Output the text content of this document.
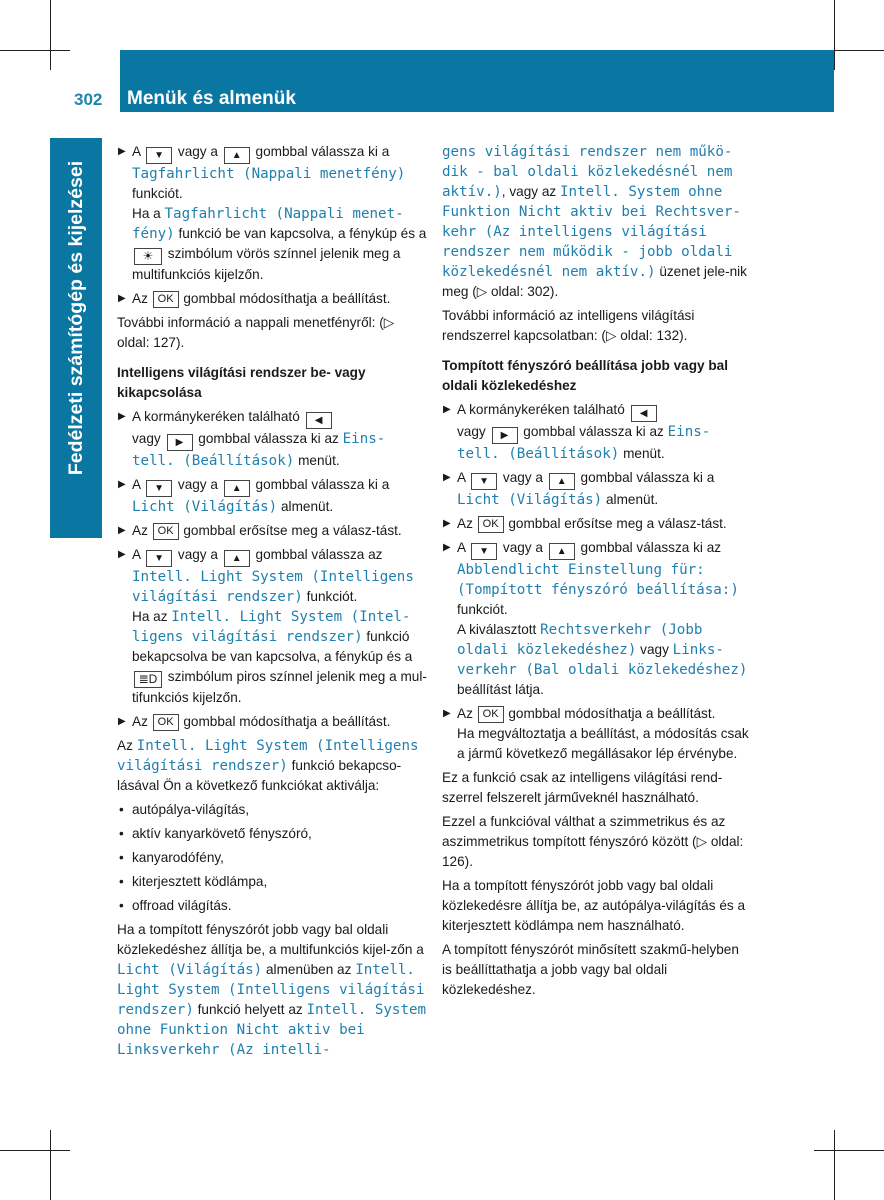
302	Menük és almenük
Fedélzeti számítógép és kijelzései
▶ A ▼ vagy a ▲ gombbal válassza ki a Tagfahrlicht (Nappali menetfény) funkciót.
Ha a Tagfahrlicht (Nappali menet-fény) funkció be van kapcsolva, a fénykúp és a ☀ szimbólum vörös színnel jelenik meg a multifunkciós kijelzőn.
▶ Az OK gombbal módosíthatja a beállítást.

További információ a nappali menetfényről: (▷ oldal: 127).

Intelligens világítási rendszer be- vagy kikapcsolása

▶ A kormánykeréken található ◀
vagy ▶ gombbal válassza ki az Eins-tell. (Beállítások) menüt.
▶ A ▼ vagy a ▲ gombbal válassza ki a Licht (Világítás) almenüt.
▶ Az OK gombbal erősítse meg a válasz-tást.
▶ A ▼ vagy a ▲ gombbal válassza az Intell. Light System (Intelligens világítási rendszer) funkciót.
Ha az Intell. Light System (Intel-ligens világítási rendszer) funkció bekapcsolva be van kapcsolva, a fénykúp és a ≣D szimbólum piros színnel jelenik meg a mul-tifunkciós kijelzőn.
▶ Az OK gombbal módosíthatja a beállítást.

Az Intell. Light System (Intelligens világítási rendszer) funkció bekapcso-lásával Ön a következő funkciókat aktiválja:

• autópálya-világítás,
• aktív kanyarkövető fényszóró,
• kanyarodófény,
• kiterjesztett ködlámpa,
• offroad világítás.

Ha a tompított fényszórót jobb vagy bal oldali közlekedéshez állítja be, a multifunkciós kijel-zőn a Licht (Világítás) almenüben az Intell. Light System (Intelligens világítási rendszer) funkció helyett az Intell. System ohne Funktion Nicht aktiv bei Linksverkehr (Az intelli-

gens világítási rendszer nem műkö-dik - bal oldali közlekedésnél nem aktív.), vagy az Intell. System ohne Funktion Nicht aktiv bei Rechtsver-kehr (Az intelligens világítási rendszer nem működik - jobb oldali közlekedésnél nem aktív.) üzenet jele-nik meg (▷ oldal: 302).

További információ az intelligens világítási rendszerrel kapcsolatban: (▷ oldal: 132).

Tompított fényszóró beállítása jobb vagy bal oldali közlekedéshez

▶ A kormánykeréken található ◀
vagy ▶ gombbal válassza ki az Eins-tell. (Beállítások) menüt.
▶ A ▼ vagy a ▲ gombbal válassza ki a Licht (Világítás) almenüt.
▶ Az OK gombbal erősítse meg a válasz-tást.
▶ A ▼ vagy a ▲ gombbal válassza ki az Abblendlicht Einstellung für: (Tompított fényszóró beállítása:) funkciót.
A kiválasztott Rechtsverkehr (Jobb oldali közlekedéshez) vagy Links-verkehr (Bal oldali közlekedéshez) beállítást látja.
▶ Az OK gombbal módosíthatja a beállítást.
Ha megváltoztatja a beállítást, a módosítás csak a jármű következő megállásakor lép érvénybe.

Ez a funkció csak az intelligens világítási rend-szerrel felszerelt járműveknél használható.

Ezzel a funkcióval válthat a szimmetrikus és az aszimmetrikus tompított fényszóró között (▷ oldal: 126).

Ha a tompított fényszórót jobb vagy bal oldali közlekedésre állítja be, az autópálya-világítás és a kiterjesztett ködlámpa nem használható.

A tompított fényszórót minősített szakmű-helyben is beállíttathatja a jobb vagy bal oldali közlekedéshez.
